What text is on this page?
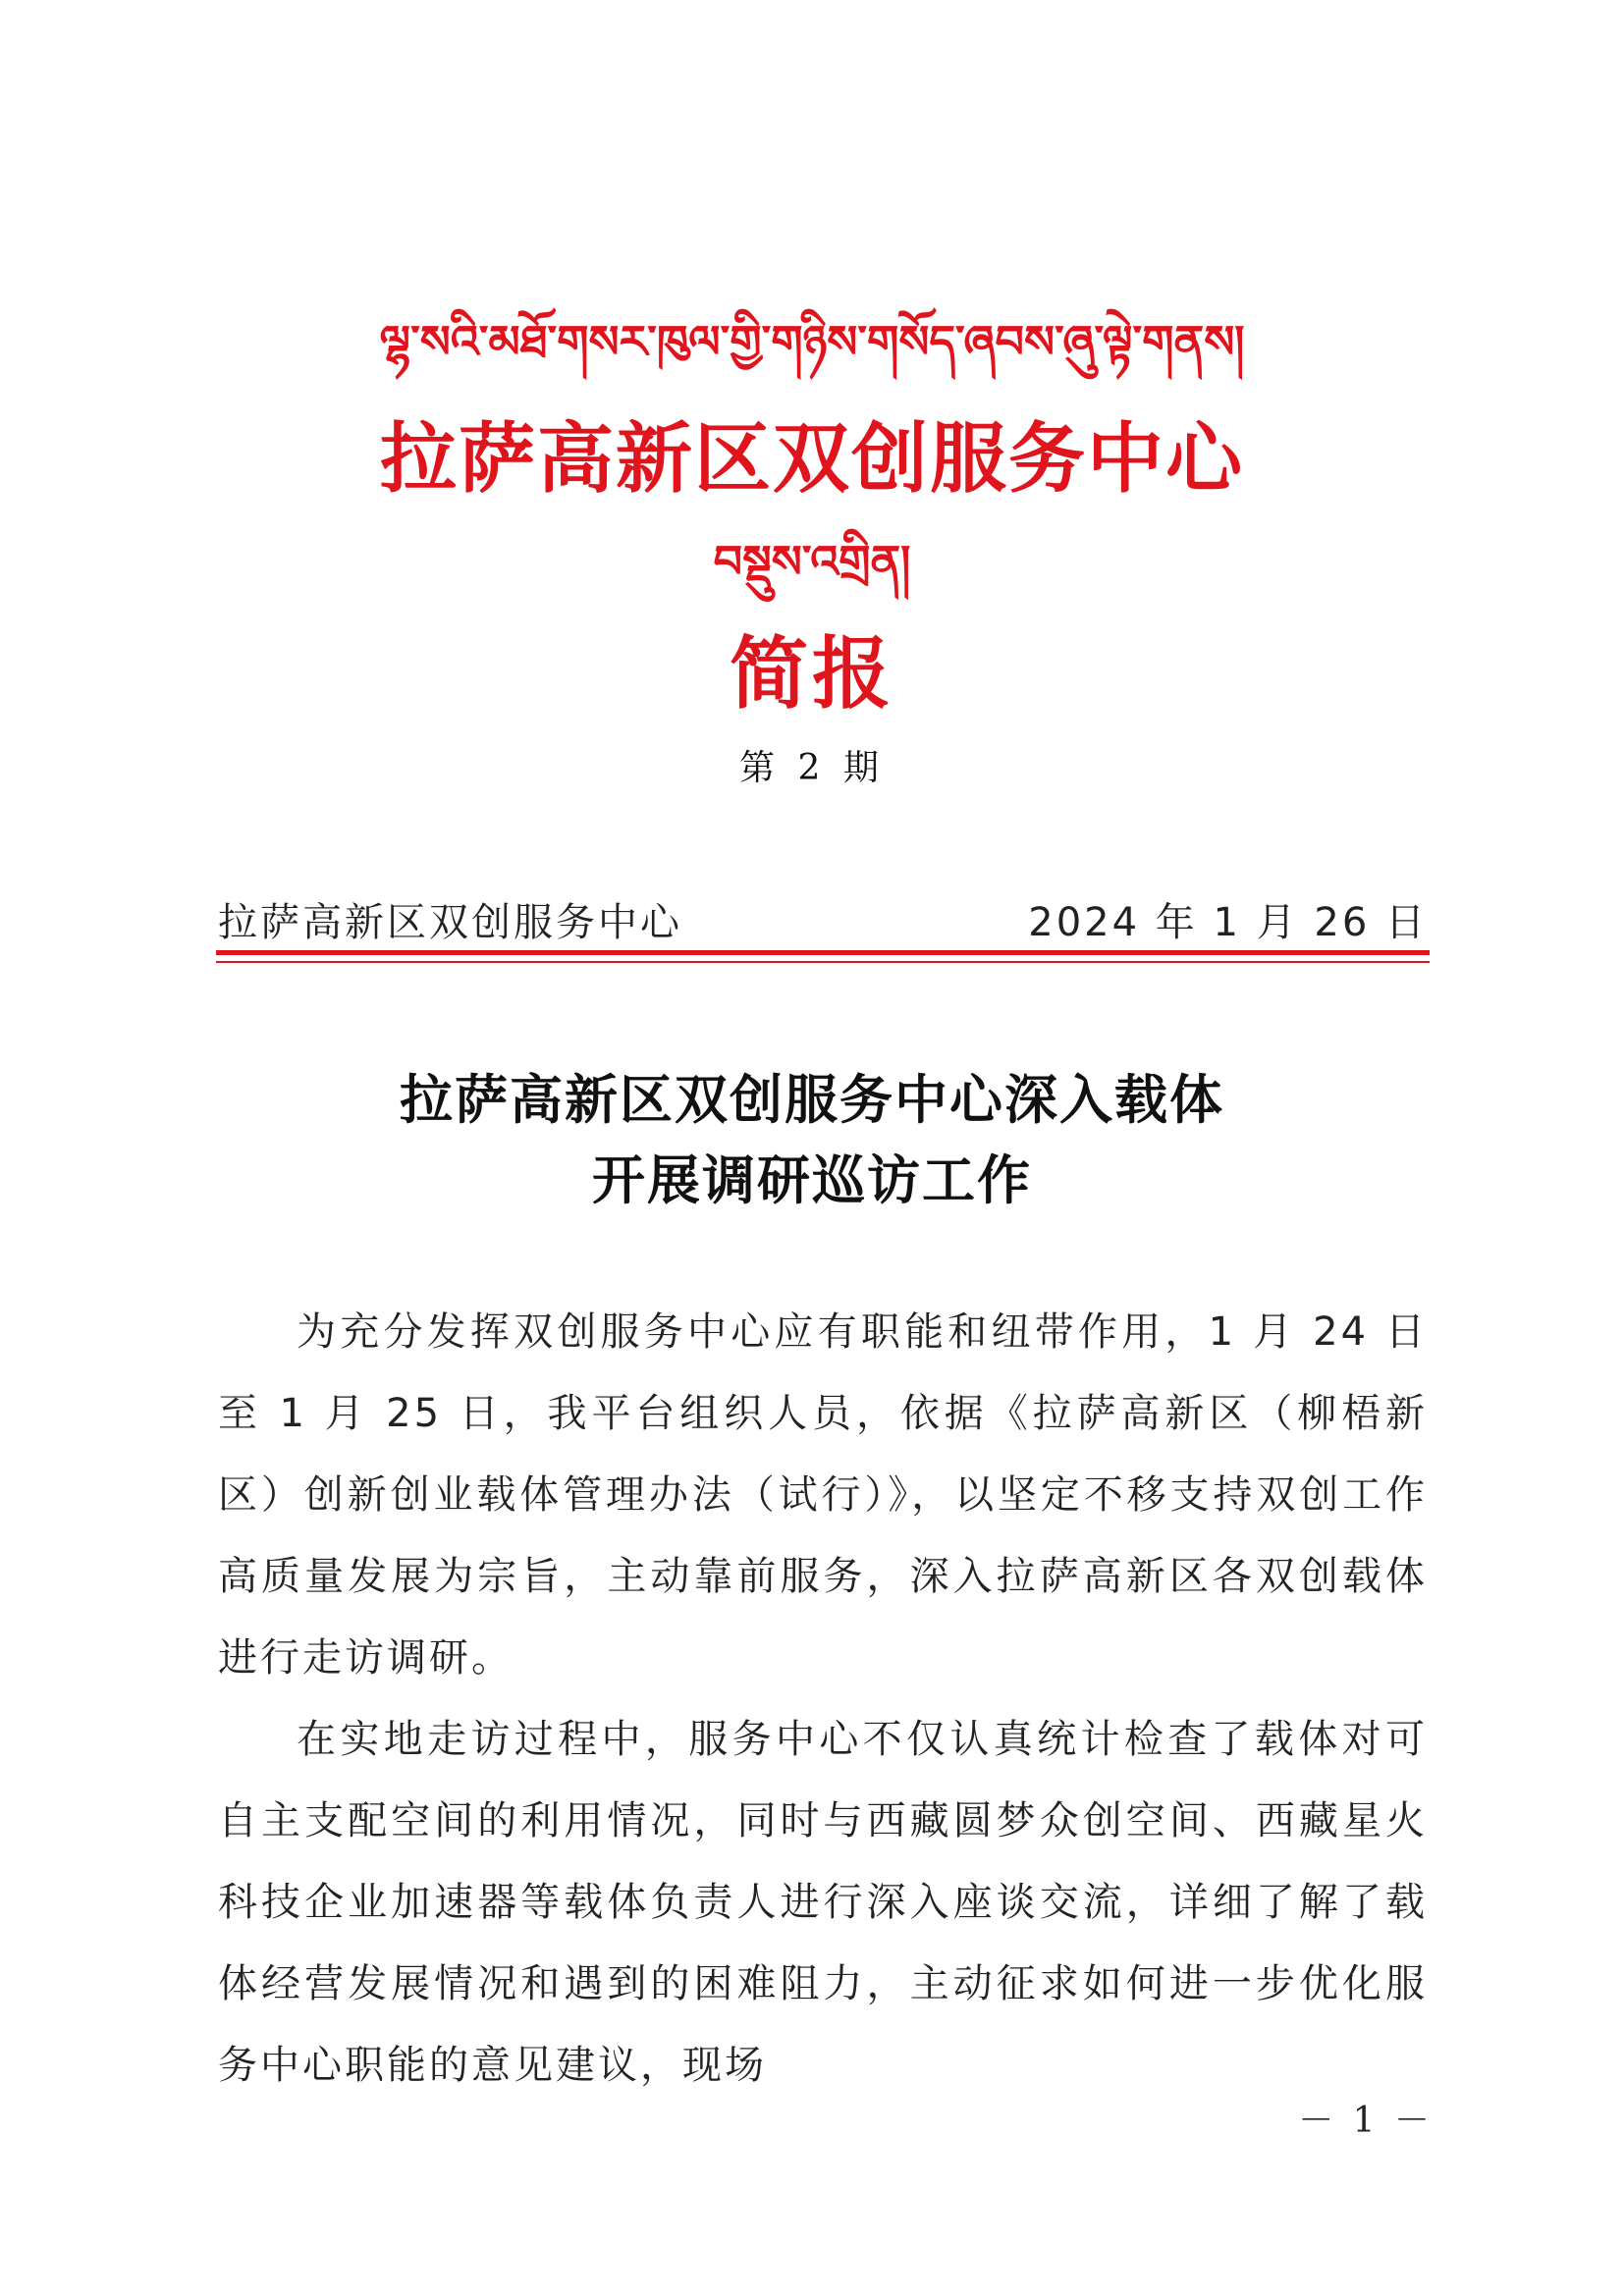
ལྷ་སའི་མཐོ་གསར་ཁུལ་གྱི་གཉིས་གསོད་ཞབས་ཞུ་ལྟེ་གནས།
拉萨高新区双创服务中心
བསྡུས་འགྲིན།
简报
第 2 期
拉萨高新区双创服务中心	2024 年 1 月 26 日
拉萨高新区双创服务中心深入载体
开展调研巡访工作

为充分发挥双创服务中心应有职能和纽带作用，1 月 24 日至 1 月 25 日，我平台组织人员，依据《拉萨高新区（柳梧新区）创新创业载体管理办法（试行）》，以坚定不移支持双创工作高质量发展为宗旨，主动靠前服务，深入拉萨高新区各双创载体进行走访调研。

在实地走访过程中，服务中心不仅认真统计检查了载体对可自主支配空间的利用情况，同时与西藏圆梦众创空间、西藏星火科技企业加速器等载体负责人进行深入座谈交流，详细了解了载体经营发展情况和遇到的困难阻力，主动征求如何进一步优化服务中心职能的意见建议，现场

－ 1 －
